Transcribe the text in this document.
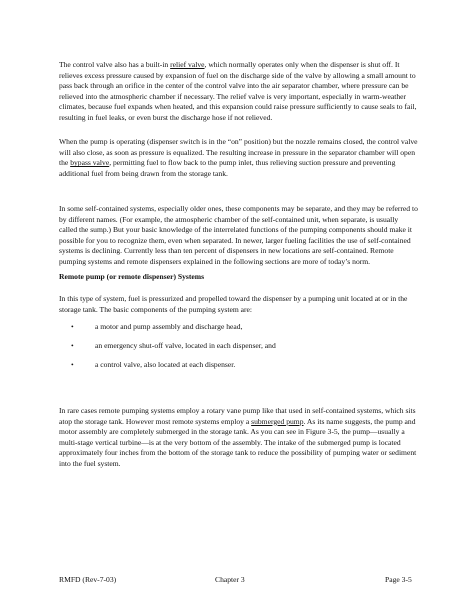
The control valve also has a built-in relief valve, which normally operates only when the dispenser is shut off. It relieves excess pressure caused by expansion of fuel on the discharge side of the valve by allowing a small amount to pass back through an orifice in the center of the control valve into the air separator chamber, where pressure can be relieved into the atmospheric chamber if necessary. The relief valve is very important, especially in warm-weather climates, because fuel expands when heated, and this expansion could raise pressure sufficiently to cause seals to fail, resulting in fuel leaks, or even burst the discharge hose if not relieved.

When the pump is operating (dispenser switch is in the “on” position) but the nozzle remains closed, the control valve will also close, as soon as pressure is equalized. The resulting increase in pressure in the separator chamber will open the bypass valve, permitting fuel to flow back to the pump inlet, thus relieving suction pressure and preventing additional fuel from being drawn from the storage tank.

In some self-contained systems, especially older ones, these components may be separate, and they may be referred to by different names. (For example, the atmospheric chamber of the self-contained unit, when separate, is usually called the sump.) But your basic knowledge of the interrelated functions of the pumping components should make it possible for you to recognize them, even when separated. In newer, larger fueling facilities the use of self-contained systems is declining. Currently less than ten percent of dispensers in new locations are self-contained. Remote pumping systems and remote dispensers explained in the following sections are more of today’s norm.

Remote pump (or remote dispenser) Systems

In this type of system, fuel is pressurized and propelled toward the dispenser by a pumping unit located at or in the storage tank. The basic components of the pumping system are:

•	a motor and pump assembly and discharge head,
•	an emergency shut-off valve, located in each dispenser, and
•	a control valve, also located at each dispenser.

In rare cases remote pumping systems employ a rotary vane pump like that used in self-contained systems, which sits atop the storage tank. However most remote systems employ a submerged pump. As its name suggests, the pump and motor assembly are completely submerged in the storage tank. As you can see in Figure 3-5, the pump—usually a multi-stage vertical turbine—is at the very bottom of the assembly. The intake of the submerged pump is located approximately four inches from the bottom of the storage tank to reduce the possibility of pumping water or sediment into the fuel system.

RMFD (Rev-7-03)	Chapter 3	Page 3-5
